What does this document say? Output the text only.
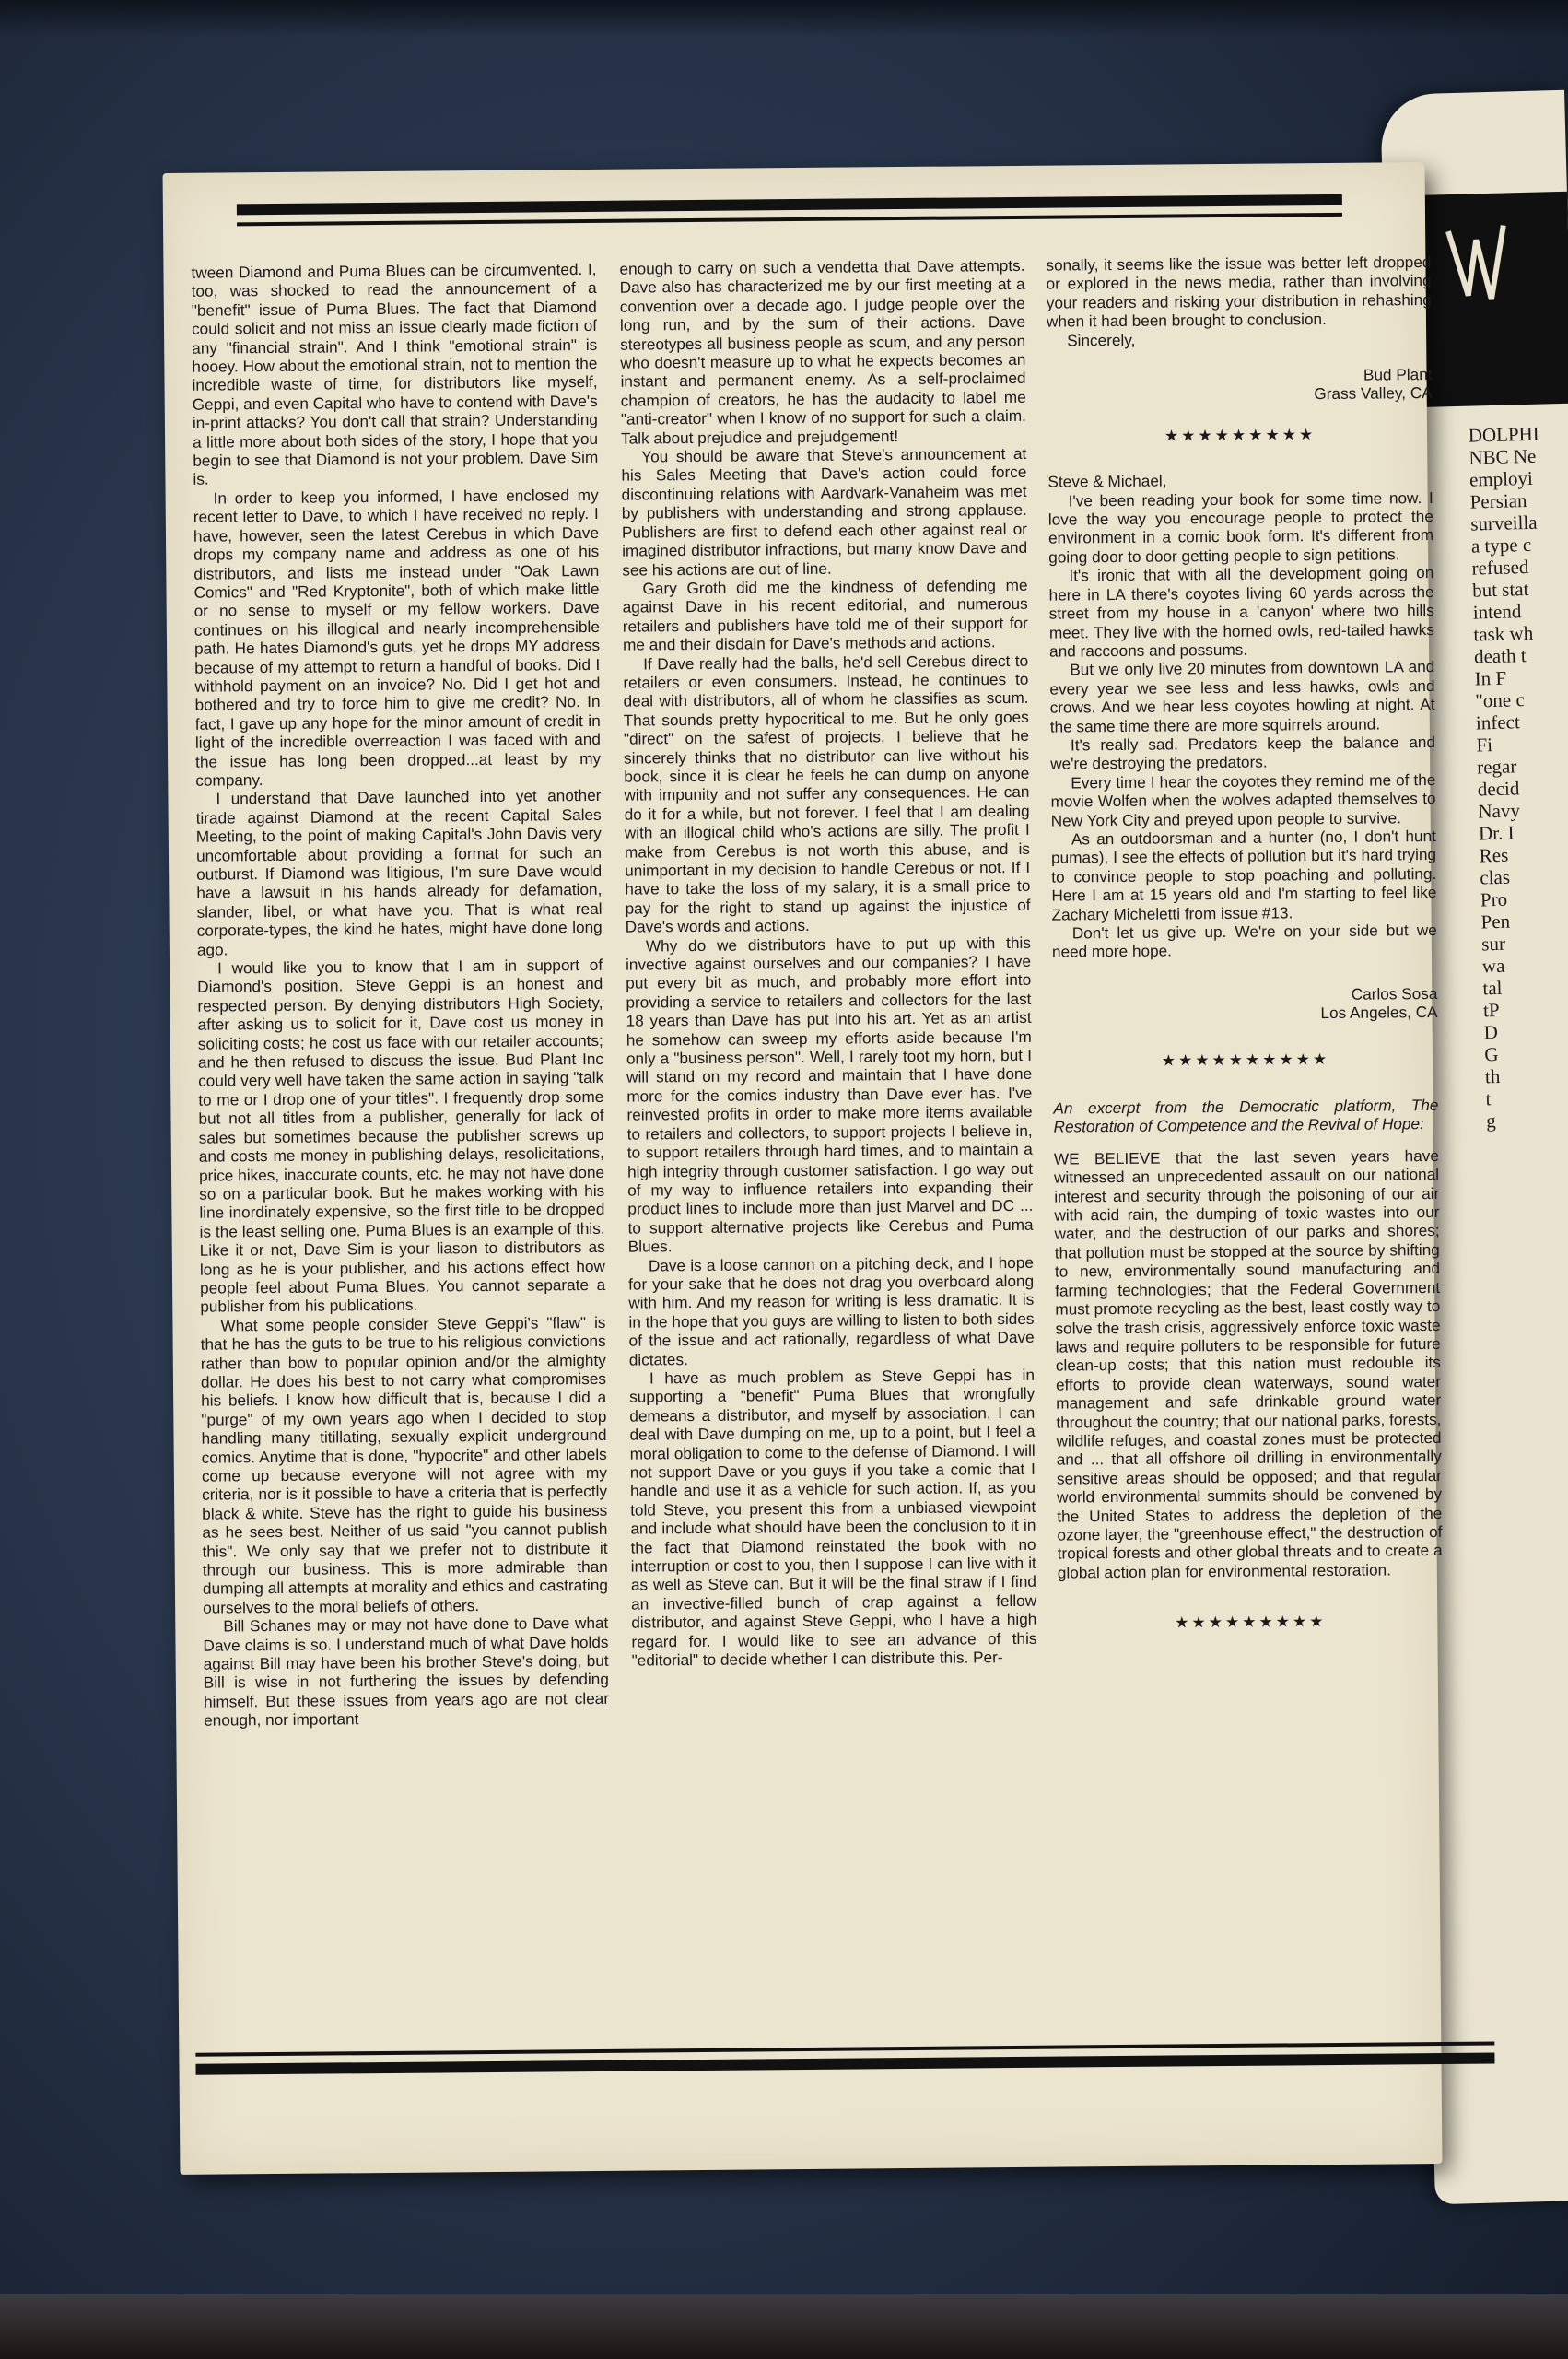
DOLPHI
NBC Ne
employi
Persian
surveilla
a type c
refused
but stat
intend
task wh
death t
In F
"one c
infect
Fi
regar
decid
Navy
Dr. I
Res
clas
Pro
Pen
sur
wa
tal
tP
D
G
th
t
g

tween Diamond and Puma Blues can be circumvented. I, too, was shocked to read the announcement of a "benefit" issue of Puma Blues. The fact that Diamond could solicit and not miss an issue clearly made fiction of any "financial strain". And I think "emotional strain" is hooey. How about the emotional strain, not to mention the incredible waste of time, for distributors like myself, Geppi, and even Capital who have to contend with Dave's in-print attacks? You don't call that strain? Understanding a little more about both sides of the story, I hope that you begin to see that Diamond is not your problem. Dave Sim is.

In order to keep you informed, I have enclosed my recent letter to Dave, to which I have received no reply. I have, however, seen the latest Cerebus in which Dave drops my company name and address as one of his distributors, and lists me instead under "Oak Lawn Comics" and "Red Kryptonite", both of which make little or no sense to myself or my fellow workers. Dave continues on his illogical and nearly incomprehensible path. He hates Diamond's guts, yet he drops MY address because of my attempt to return a handful of books. Did I withhold payment on an invoice? No. Did I get hot and bothered and try to force him to give me credit? No. In fact, I gave up any hope for the minor amount of credit in light of the incredible overreaction I was faced with and the issue has long been dropped...at least by my company.

I understand that Dave launched into yet another tirade against Diamond at the recent Capital Sales Meeting, to the point of making Capital's John Davis very uncomfortable about providing a format for such an outburst. If Diamond was litigious, I'm sure Dave would have a lawsuit in his hands already for defamation, slander, libel, or what have you. That is what real corporate-types, the kind he hates, might have done long ago.

I would like you to know that I am in support of Diamond's position. Steve Geppi is an honest and respected person. By denying distributors High Society, after asking us to solicit for it, Dave cost us money in soliciting costs; he cost us face with our retailer accounts; and he then refused to discuss the issue. Bud Plant Inc could very well have taken the same action in saying "talk to me or I drop one of your titles". I frequently drop some but not all titles from a publisher, generally for lack of sales but sometimes because the publisher screws up and costs me money in publishing delays, resolicitations, price hikes, inaccurate counts, etc. he may not have done so on a particular book. But he makes working with his line inordinately expensive, so the first title to be dropped is the least selling one. Puma Blues is an example of this. Like it or not, Dave Sim is your liason to distributors as long as he is your publisher, and his actions effect how people feel about Puma Blues. You cannot separate a publisher from his publications.

What some people consider Steve Geppi's "flaw" is that he has the guts to be true to his religious convictions rather than bow to popular opinion and/or the almighty dollar. He does his best to not carry what compromises his beliefs. I know how difficult that is, because I did a "purge" of my own years ago when I decided to stop handling many titillating, sexually explicit underground comics. Anytime that is done, "hypocrite" and other labels come up because everyone will not agree with my criteria, nor is it possible to have a criteria that is perfectly black & white. Steve has the right to guide his business as he sees best. Neither of us said "you cannot publish this". We only say that we prefer not to distribute it through our business. This is more admirable than dumping all attempts at morality and ethics and castrating ourselves to the moral beliefs of others.

Bill Schanes may or may not have done to Dave what Dave claims is so. I understand much of what Dave holds against Bill may have been his brother Steve's doing, but Bill is wise in not furthering the issues by defending himself. But these issues from years ago are not clear enough, nor important

enough to carry on such a vendetta that Dave attempts. Dave also has characterized me by our first meeting at a convention over a decade ago. I judge people over the long run, and by the sum of their actions. Dave stereotypes all business people as scum, and any person who doesn't measure up to what he expects becomes an instant and permanent enemy. As a self-proclaimed champion of creators, he has the audacity to label me "anti-creator" when I know of no support for such a claim. Talk about prejudice and prejudgement!

You should be aware that Steve's announcement at his Sales Meeting that Dave's action could force discontinuing relations with Aardvark-Vanaheim was met by publishers with understanding and strong applause. Publishers are first to defend each other against real or imagined distributor infractions, but many know Dave and see his actions are out of line.

Gary Groth did me the kindness of defending me against Dave in his recent editorial, and numerous retailers and publishers have told me of their support for me and their disdain for Dave's methods and actions.

If Dave really had the balls, he'd sell Cerebus direct to retailers or even consumers. Instead, he continues to deal with distributors, all of whom he classifies as scum. That sounds pretty hypocritical to me. But he only goes "direct" on the safest of projects. I believe that he sincerely thinks that no distributor can live without his book, since it is clear he feels he can dump on anyone with impunity and not suffer any consequences. He can do it for a while, but not forever. I feel that I am dealing with an illogical child who's actions are silly. The profit I make from Cerebus is not worth this abuse, and is unimportant in my decision to handle Cerebus or not. If I have to take the loss of my salary, it is a small price to pay for the right to stand up against the injustice of Dave's words and actions.

Why do we distributors have to put up with this invective against ourselves and our companies? I have put every bit as much, and probably more effort into providing a service to retailers and collectors for the last 18 years than Dave has put into his art. Yet as an artist he somehow can sweep my efforts aside because I'm only a "business person". Well, I rarely toot my horn, but I will stand on my record and maintain that I have done more for the comics industry than Dave ever has. I've reinvested profits in order to make more items available to retailers and collectors, to support projects I believe in, to support retailers through hard times, and to maintain a high integrity through customer satisfaction. I go way out of my way to influence retailers into expanding their product lines to include more than just Marvel and DC ... to support alternative projects like Cerebus and Puma Blues.

Dave is a loose cannon on a pitching deck, and I hope for your sake that he does not drag you overboard along with him. And my reason for writing is less dramatic. It is in the hope that you guys are willing to listen to both sides of the issue and act rationally, regardless of what Dave dictates.

I have as much problem as Steve Geppi has in supporting a "benefit" Puma Blues that wrongfully demeans a distributor, and myself by association. I can deal with Dave dumping on me, up to a point, but I feel a moral obligation to come to the defense of Diamond. I will not support Dave or you guys if you take a comic that I handle and use it as a vehicle for such action. If, as you told Steve, you present this from a unbiased viewpoint and include what should have been the conclusion to it in the fact that Diamond reinstated the book with no interruption or cost to you, then I suppose I can live with it as well as Steve can. But it will be the final straw if I find an invective-filled bunch of crap against a fellow distributor, and against Steve Geppi, who I have a high regard for. I would like to see an advance of this "editorial" to decide whether I can distribute this. Per-

sonally, it seems like the issue was better left dropped or explored in the news media, rather than involving your readers and risking your distribution in rehashing when it had been brought to conclusion.

Sincerely,

Bud Plant

Grass Valley, CA

★★★★★★★★★

Steve & Michael,

I've been reading your book for some time now. I love the way you encourage people to protect the environment in a comic book form. It's different from going door to door getting people to sign petitions.

It's ironic that with all the development going on here in LA there's coyotes living 60 yards across the street from my house in a 'canyon' where two hills meet. They live with the horned owls, red-tailed hawks and raccoons and possums.

But we only live 20 minutes from downtown LA and every year we see less and less hawks, owls and crows. And we hear less coyotes howling at night. At the same time there are more squirrels around.

It's really sad. Predators keep the balance and we're destroying the predators.

Every time I hear the coyotes they remind me of the movie Wolfen when the wolves adapted themselves to New York City and preyed upon people to survive.

As an outdoorsman and a hunter (no, I don't hunt pumas), I see the effects of pollution but it's hard trying to convince people to stop poaching and polluting. Here I am at 15 years old and I'm starting to feel like Zachary Micheletti from issue #13.

Don't let us give up. We're on your side but we need more hope.

Carlos Sosa

Los Angeles, CA

★★★★★★★★★★

An excerpt from the Democratic platform, The Restoration of Competence and the Revival of Hope:

WE BELIEVE that the last seven years have witnessed an unprecedented assault on our national interest and security through the poisoning of our air with acid rain, the dumping of toxic wastes into our water, and the destruction of our parks and shores; that pollution must be stopped at the source by shifting to new, environmentally sound manufacturing and farming technologies; that the Federal Government must promote recycling as the best, least costly way to solve the trash crisis, aggressively enforce toxic waste laws and require polluters to be responsible for future clean-up costs; that this nation must redouble its efforts to provide clean waterways, sound water management and safe drinkable ground water throughout the country; that our national parks, forests, wildlife refuges, and coastal zones must be protected and ... that all offshore oil drilling in environmentally sensitive areas should be opposed; and that regular world environmental summits should be convened by the United States to address the depletion of the ozone layer, the "greenhouse effect," the destruction of tropical forests and other global threats and to create a global action plan for environmental restoration.

★★★★★★★★★
